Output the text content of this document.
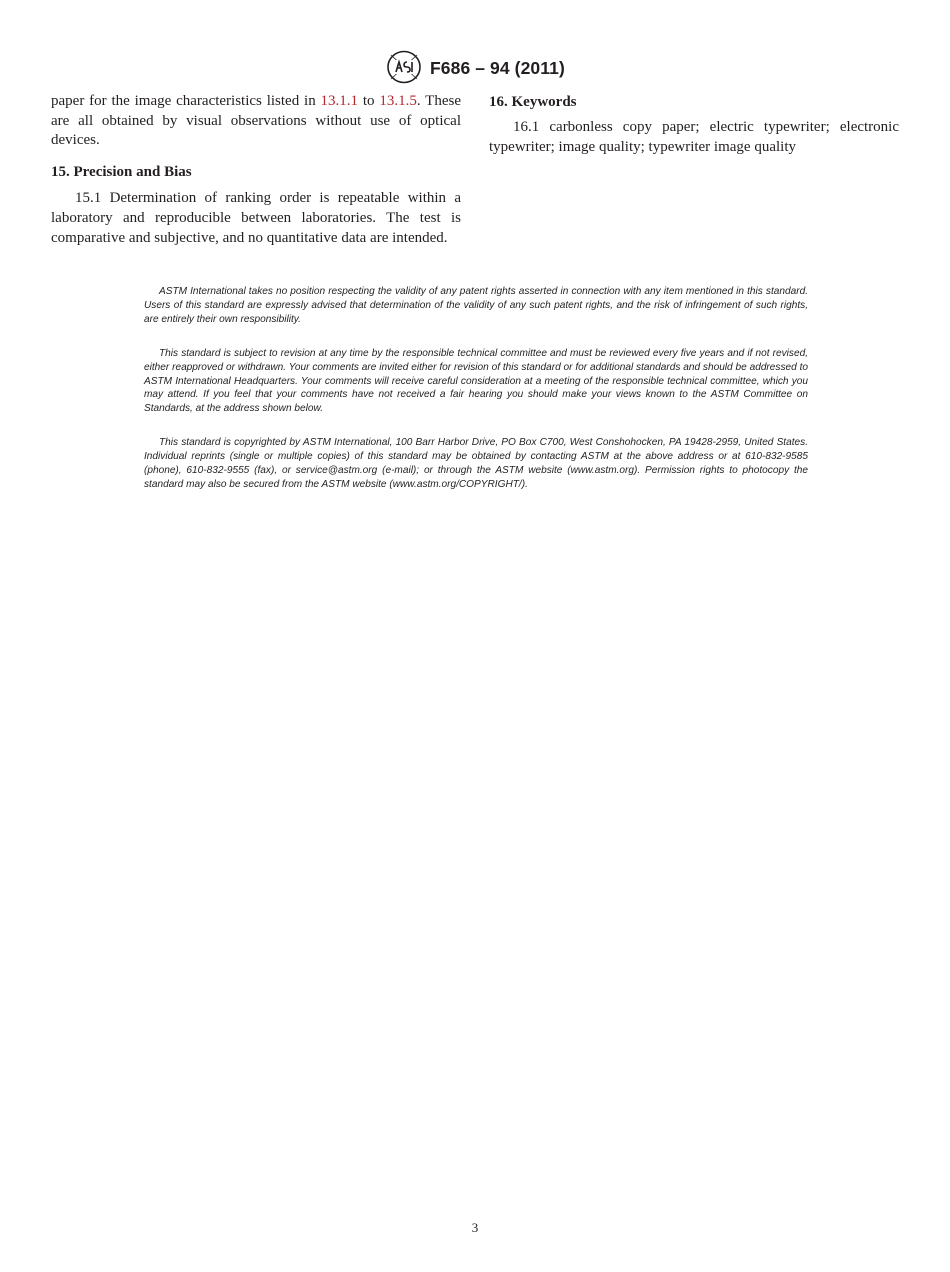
F686 – 94 (2011)

paper for the image characteristics listed in 13.1.1 to 13.1.5. These are all obtained by visual observations without use of optical devices.

15. Precision and Bias

15.1 Determination of ranking order is repeatable within a laboratory and reproducible between laboratories. The test is comparative and subjective, and no quantitative data are intended.

16. Keywords

16.1 carbonless copy paper; electric typewriter; electronic typewriter; image quality; typewriter image quality

ASTM International takes no position respecting the validity of any patent rights asserted in connection with any item mentioned in this standard. Users of this standard are expressly advised that determination of the validity of any such patent rights, and the risk of infringement of such rights, are entirely their own responsibility.

This standard is subject to revision at any time by the responsible technical committee and must be reviewed every five years and if not revised, either reapproved or withdrawn. Your comments are invited either for revision of this standard or for additional standards and should be addressed to ASTM International Headquarters. Your comments will receive careful consideration at a meeting of the responsible technical committee, which you may attend. If you feel that your comments have not received a fair hearing you should make your views known to the ASTM Committee on Standards, at the address shown below.

This standard is copyrighted by ASTM International, 100 Barr Harbor Drive, PO Box C700, West Conshohocken, PA 19428-2959, United States. Individual reprints (single or multiple copies) of this standard may be obtained by contacting ASTM at the above address or at 610-832-9585 (phone), 610-832-9555 (fax), or service@astm.org (e-mail); or through the ASTM website (www.astm.org). Permission rights to photocopy the standard may also be secured from the ASTM website (www.astm.org/COPYRIGHT/).

3
